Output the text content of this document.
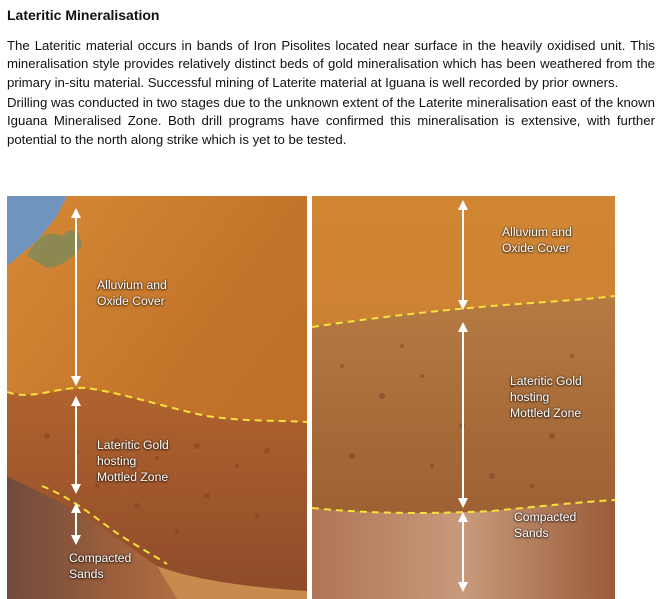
Lateritic Mineralisation

The Lateritic material occurs in bands of Iron Pisolites located near surface in the heavily oxidised unit. This mineralisation style provides relatively distinct beds of gold mineralisation which has been weathered from the primary in-situ material. Successful mining of Laterite material at Iguana is well recorded by prior owners.

Drilling was conducted in two stages due to the unknown extent of the Laterite mineralisation east of the known Iguana Mineralised Zone. Both drill programs have confirmed this mineralisation is extensive, with further potential to the north along strike which is yet to be tested.

Alluvium and
Oxide Cover
Lateritic Gold
hosting
Mottled Zone
Compacted
Sands
Alluvium and
Oxide Cover
Lateritic Gold
hosting
Mottled Zone
Compacted
Sands
